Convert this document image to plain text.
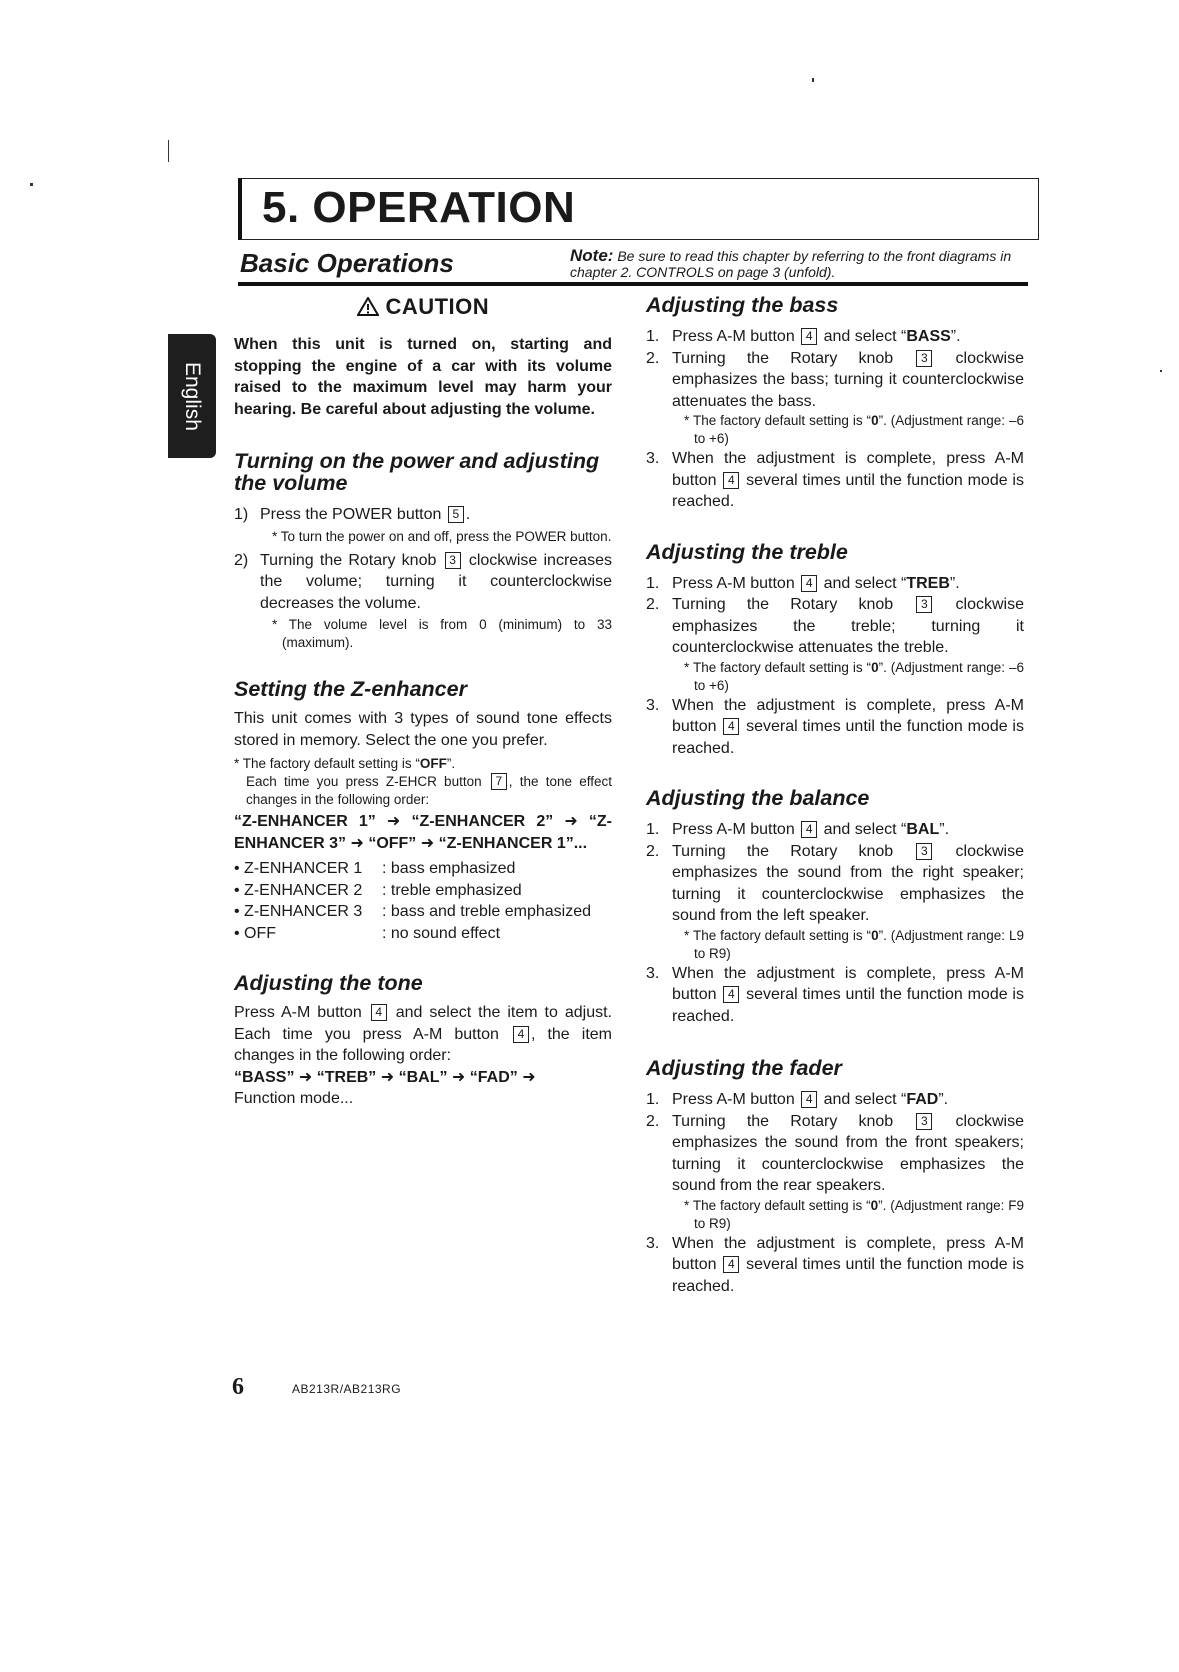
5. OPERATION
Basic Operations	Note: Be sure to read this chapter by referring to the front diagrams in chapter 2. CONTROLS on page 3 (unfold).
English
CAUTION

When this unit is turned on, starting and stopping the engine of a car with its volume raised to the maximum level may harm your hearing. Be careful about adjusting the volume.

Turning on the power and adjusting the volume
1) Press the POWER button 5 .
* To turn the power on and off, press the POWER button.
2) Turning the Rotary knob 3 clockwise increases the volume; turning it counterclockwise decreases the volume.
* The volume level is from 0 (minimum) to 33 (maximum).
Setting the Z-enhancer

This unit comes with 3 types of sound tone effects stored in memory. Select the one you prefer.

* The factory default setting is “OFF”.
Each time you press Z-EHCR button 7 , the tone effect changes in the following order:

“Z-ENHANCER 1” ➜ “Z-ENHANCER 2” ➜ “Z-ENHANCER 3” ➜ “OFF” ➜ “Z-ENHANCER 1”...

• Z-ENHANCER 1	: bass emphasized
• Z-ENHANCER 2	: treble emphasized
• Z-ENHANCER 3	: bass and treble emphasized
• OFF	: no sound effect
Adjusting the tone

Press A-M button 4 and select the item to adjust. Each time you press A-M button 4 , the item changes in the following order:

“BASS” ➜ “TREB” ➜ “BAL” ➜ “FAD” ➜

Function mode...

Adjusting the bass
1. Press A-M button 4 and select “BASS”.
2. Turning the Rotary knob 3 clockwise emphasizes the bass; turning it counterclockwise attenuates the bass.
* The factory default setting is “0”. (Adjustment range: –6 to +6)
3. When the adjustment is complete, press A-M button 4 several times until the function mode is reached.
Adjusting the treble
1. Press A-M button 4 and select “TREB”.
2. Turning the Rotary knob 3 clockwise emphasizes the treble; turning it counterclockwise attenuates the treble.
* The factory default setting is “0”. (Adjustment range: –6 to +6)
3. When the adjustment is complete, press A-M button 4 several times until the function mode is reached.
Adjusting the balance
1. Press A-M button 4 and select “BAL”.
2. Turning the Rotary knob 3 clockwise emphasizes the sound from the right speaker; turning it counterclockwise emphasizes the sound from the left speaker.
* The factory default setting is “0”. (Adjustment range: L9 to R9)
3. When the adjustment is complete, press A-M button 4 several times until the function mode is reached.
Adjusting the fader
1. Press A-M button 4 and select “FAD”.
2. Turning the Rotary knob 3 clockwise emphasizes the sound from the front speakers; turning it counterclockwise emphasizes the sound from the rear speakers.
* The factory default setting is “0”. (Adjustment range: F9 to R9)
3. When the adjustment is complete, press A-M button 4 several times until the function mode is reached.
6	AB213R/AB213RG
